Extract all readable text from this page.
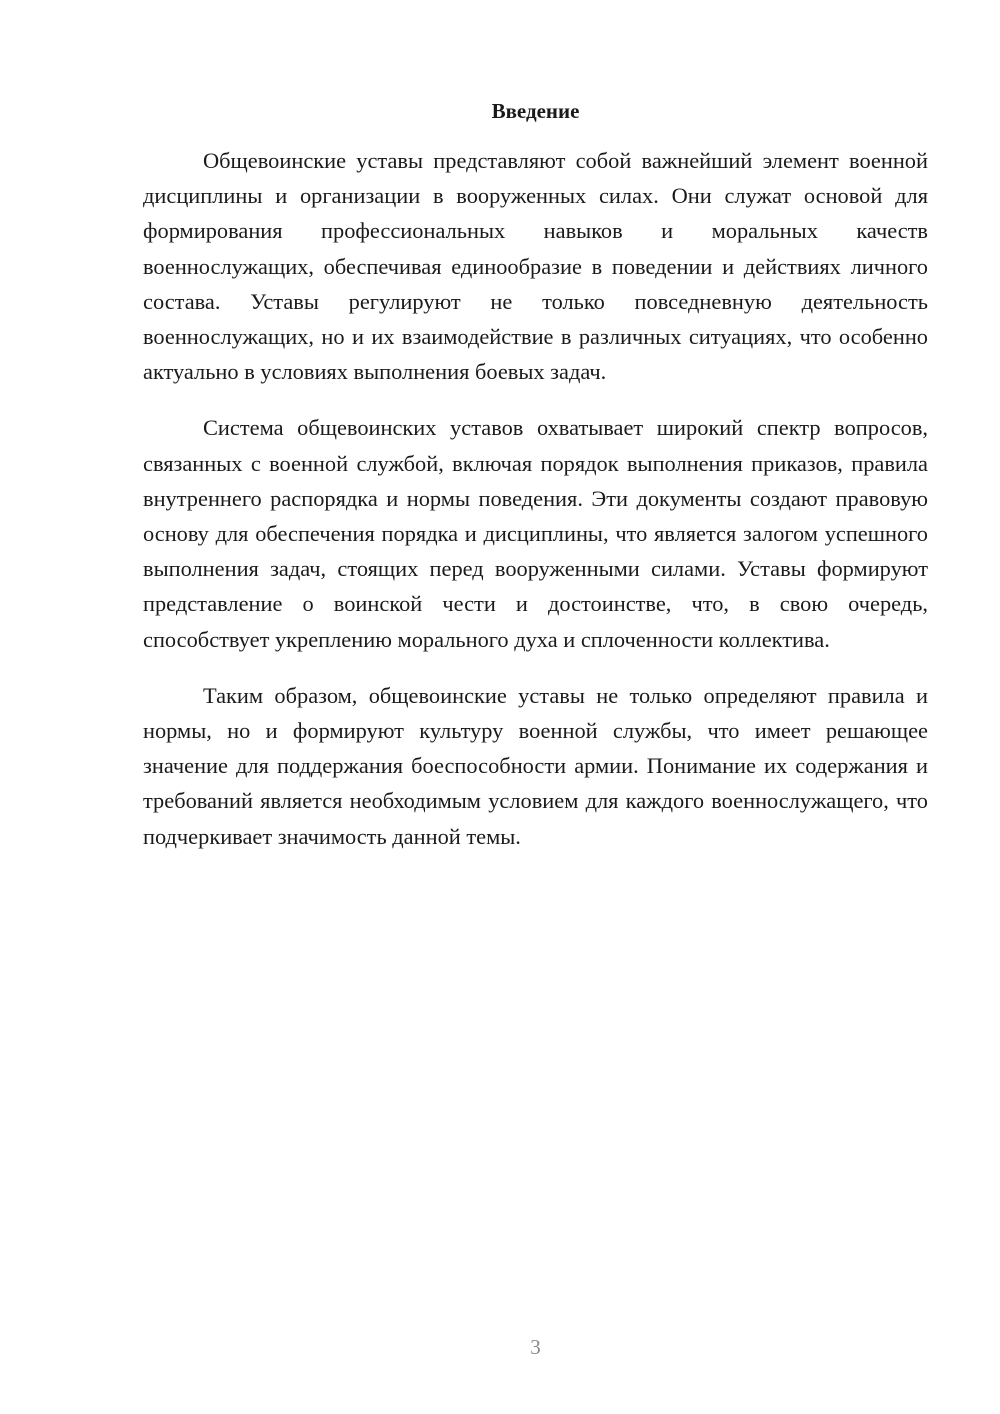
Введение

Общевоинские уставы представляют собой важнейший элемент военной дисциплины и организации в вооруженных силах. Они служат основой для формирования профессиональных навыков и моральных качеств военнослужащих, обеспечивая единообразие в поведении и действиях личного состава. Уставы регулируют не только повседневную деятельность военнослужащих, но и их взаимодействие в различных ситуациях, что особенно актуально в условиях выполнения боевых задач.

Система общевоинских уставов охватывает широкий спектр вопросов, связанных с военной службой, включая порядок выполнения приказов, правила внутреннего распорядка и нормы поведения. Эти документы создают правовую основу для обеспечения порядка и дисциплины, что является залогом успешного выполнения задач, стоящих перед вооруженными силами. Уставы формируют представление о воинской чести и достоинстве, что, в свою очередь, способствует укреплению морального духа и сплоченности коллектива.

Таким образом, общевоинские уставы не только определяют правила и нормы, но и формируют культуру военной службы, что имеет решающее значение для поддержания боеспособности армии. Понимание их содержания и требований является необходимым условием для каждого военнослужащего, что подчеркивает значимость данной темы.

3
